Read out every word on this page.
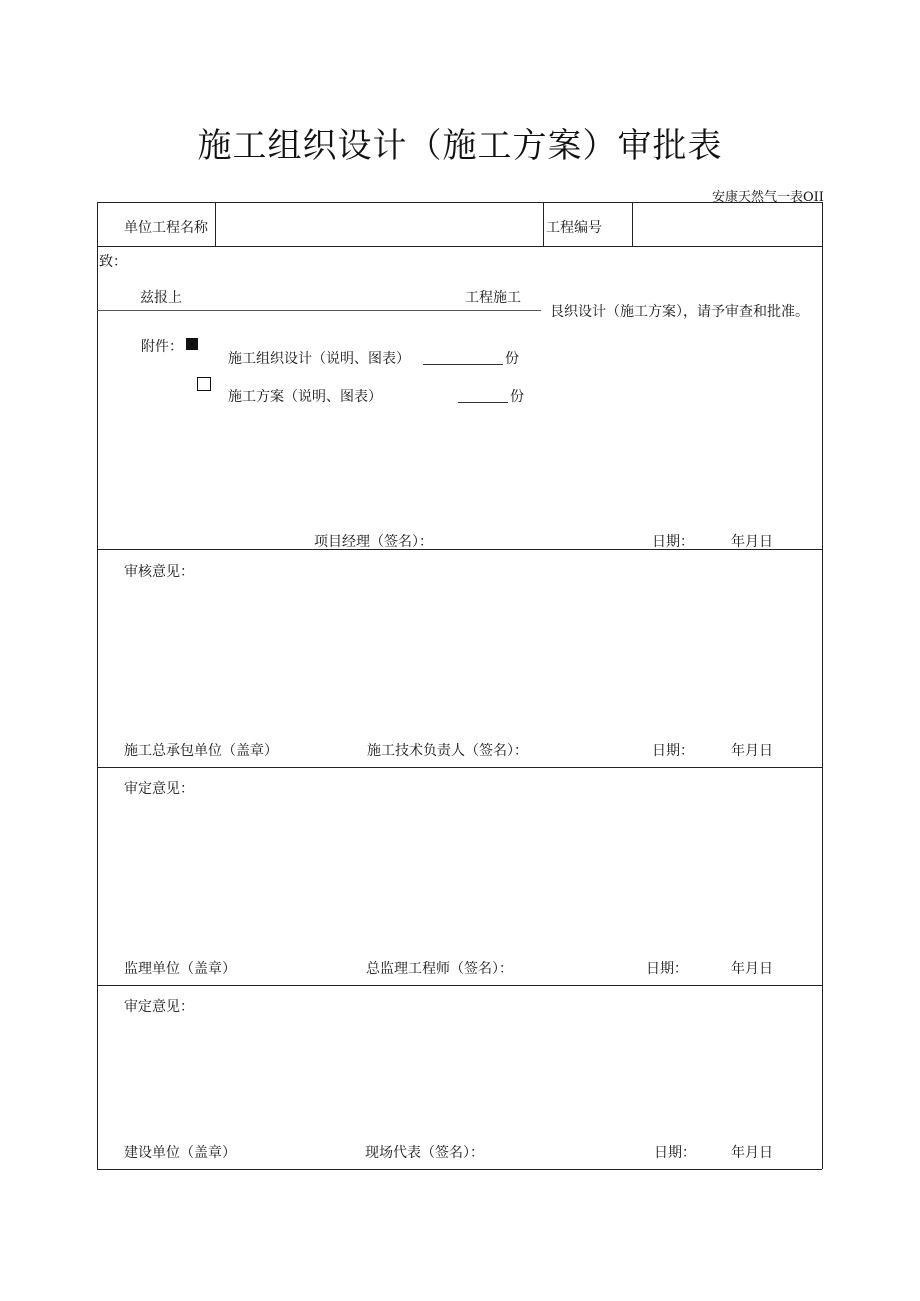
施工组织设计（施工方案）审批表
安康天然气一表OII
单位工程名称	工程编号
致：
兹报上	工程施工
艮织设计（施工方案），请予审查和批准。
附件：
施工组织设计（说明、图表）	份
施工方案（说明、图表）	份
项目经理（签名）：	日期：	年月日
审核意见：
施工总承包单位（盖章）	施工技术负责人（签名）：	日期：	年月日
审定意见：
监理单位（盖章）	总监理工程师（签名）：	日期：	年月日
审定意见：
建设单位（盖章）	现场代表（签名）：	日期：	年月日
